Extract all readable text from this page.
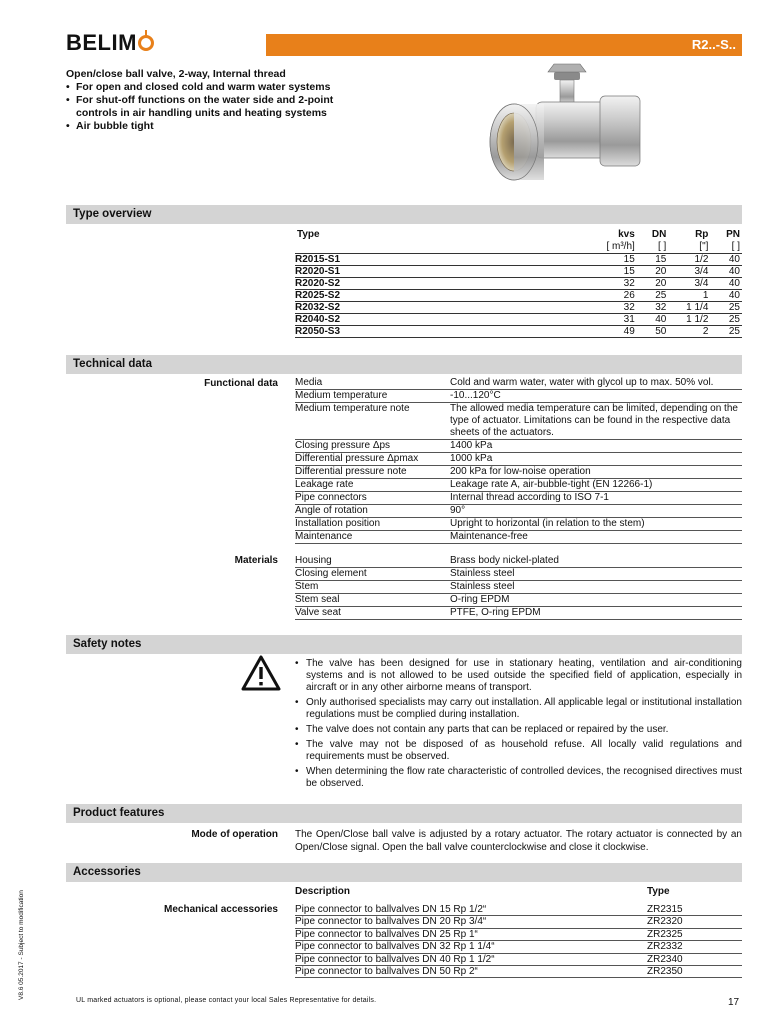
BELIM	R2..-S..
Open/close ball valve, 2-way, Internal thread
• For open and closed cold and warm water systems
• For shut-off functions on the water side and 2-point controls in air handling units and heating systems
• Air bubble tight
Type overview
Type	kvs	DN	Rp	PN
	[ m³/h]	[ ]	["]	[ ]
R2015-S1	15	15	1/2	40
R2020-S1	15	20	3/4	40
R2020-S2	32	20	3/4	40
R2025-S2	26	25	1	40
R2032-S2	32	32	1 1/4	25
R2040-S2	31	40	1 1/2	25
R2050-S3	49	50	2	25
Technical data
Functional data Media	Cold and warm water, water with glycol up to max. 50% vol.
Medium temperature	-10...120°C
Medium temperature note	The allowed media temperature can be limited, depending on the type of actuator. Limitations can be found in the respective data sheets of the actuators.
Closing pressure Δps	1400 kPa
Differential pressure Δpmax	1000 kPa
Differential pressure note	200 kPa for low-noise operation
Leakage rate	Leakage rate A, air-bubble-tight (EN 12266-1)
Pipe connectors	Internal thread according to ISO 7-1
Angle of rotation	90°
Installation position	Upright to horizontal (in relation to the stem)
Maintenance	Maintenance-free
Materials Housing	Brass body nickel-plated
Closing element	Stainless steel
Stem	Stainless steel
Stem seal	O-ring EPDM
Valve seat	PTFE, O-ring EPDM
Safety notes
• The valve has been designed for use in stationary heating, ventilation and air-conditioning systems and is not allowed to be used outside the specified field of application, especially in aircraft or in any other airborne means of transport.
• Only authorised specialists may carry out installation. All applicable legal or institutional installation regulations must be complied during installation.
• The valve does not contain any parts that can be replaced or repaired by the user.
• The valve may not be disposed of as household refuse. All locally valid regulations and requirements must be observed.
• When determining the flow rate characteristic of controlled devices, the recognised directives must be observed.
Product features
Mode of operation The Open/Close ball valve is adjusted by a rotary actuator. The rotary actuator is connected by an Open/Close signal. Open the ball valve counterclockwise and close it clockwise.
Accessories
Description	Type
Pipe connector to ballvalves DN 15 Rp 1/2“	ZR2315
Pipe connector to ballvalves DN 20 Rp 3/4“	ZR2320
Pipe connector to ballvalves DN 25 Rp 1“	ZR2325
Pipe connector to ballvalves DN 32 Rp 1 1/4“	ZR2332
Pipe connector to ballvalves DN 40 Rp 1 1/2“	ZR2340
Pipe connector to ballvalves DN 50 Rp 2“	ZR2350
Mechanical accessories
UL marked actuators is optional, please contact your local Sales Representative for details.	17
V8.6 05.2017 - Subject to modification
